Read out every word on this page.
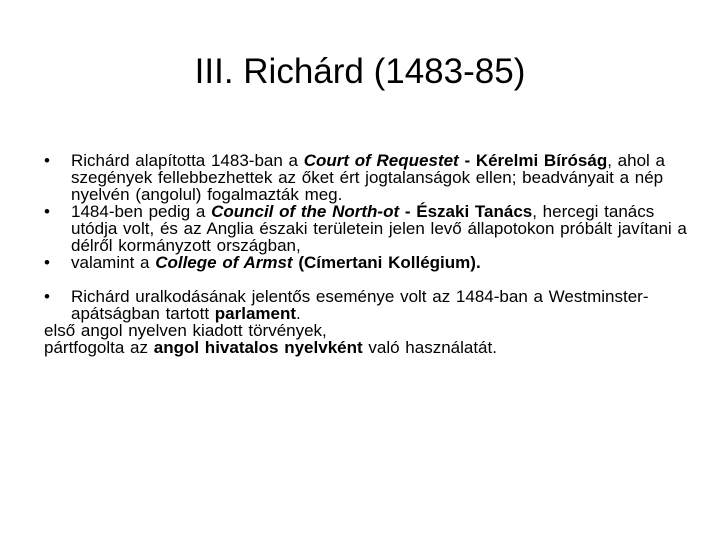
III. Richárd (1483-85)

• Richárd alapította 1483-ban a Court of Requestet - Kérelmi Bíróság, ahol a szegények fellebbezhettek az őket ért jogtalanságok ellen; beadványait a nép nyelvén (angolul) fogalmazták meg.

• 1484-ben pedig a Council of the North-ot - Északi Tanács, hercegi tanács utódja volt, és az Anglia északi területein jelen levő állapotokon próbált javítani a délről kormányzott országban,

• valamint a College of Armst (Címertani Kollégium).

• Richárd uralkodásának jelentős eseménye volt az 1484-ban a Westminster-apátságban tartott parlament.

első angol nyelven kiadott törvények,

pártfogolta az angol hivatalos nyelvként való használatát.
